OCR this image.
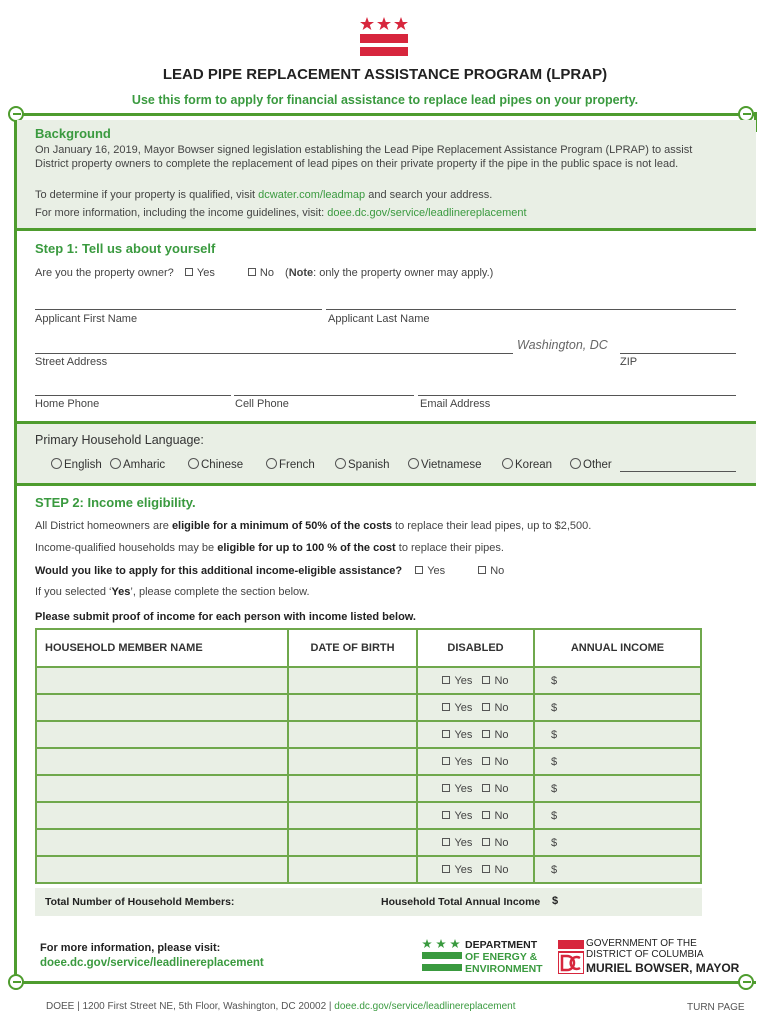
LEAD PIPE REPLACEMENT ASSISTANCE PROGRAM (LPRAP)
Use this form to apply for financial assistance to replace lead pipes on your property.
Background
On January 16, 2019, Mayor Bowser signed legislation establishing the Lead Pipe Replacement Assistance Program (LPRAP) to assist District property owners to complete the replacement of lead pipes on their private property if the pipe in the public space is not lead.
To determine if your property is qualified, visit dcwater.com/leadmap and search your address.
For more information, including the income guidelines, visit: doee.dc.gov/service/leadlinereplacement
Step 1: Tell us about yourself
Are you the property owner? Yes	No (Note: only the property owner may apply.)
Applicant First Name	Applicant Last Name
Washington, DC
Street Address	ZIP
Home Phone	Cell Phone	Email Address
Primary Household Language:
English	Amharic	Chinese	French	Spanish	Vietnamese	Korean	Other
STEP 2: Income eligibility.
All District homeowners are eligible for a minimum of 50% of the costs to replace their lead pipes, up to $2,500.
Income-qualified households may be eligible for up to 100 % of the cost to replace their pipes.
Would you like to apply for this additional income-eligible assistance? Yes	No
If you selected ‘Yes’, please complete the section below.
Please submit proof of income for each person with income listed below.
HOUSEHOLD MEMBER NAME	DATE OF BIRTH	DISABLED	ANNUAL INCOME
		Yes No	$
		Yes No	$
		Yes No	$
		Yes No	$
		Yes No	$
		Yes No	$
		Yes No	$
		Yes No	$
Total Number of Household Members:	Household Total Annual Income $
For more information, please visit:
doee.dc.gov/service/leadlinereplacement
DEPARTMENT
OF ENERGY &
ENVIRONMENT
GOVERNMENT OF THE
DISTRICT OF COLUMBIA
MURIEL BOWSER, MAYOR
DOEE | 1200 First Street NE, 5th Floor, Washington, DC 20002 | doee.dc.gov/service/leadlinereplacement	TURN PAGE
